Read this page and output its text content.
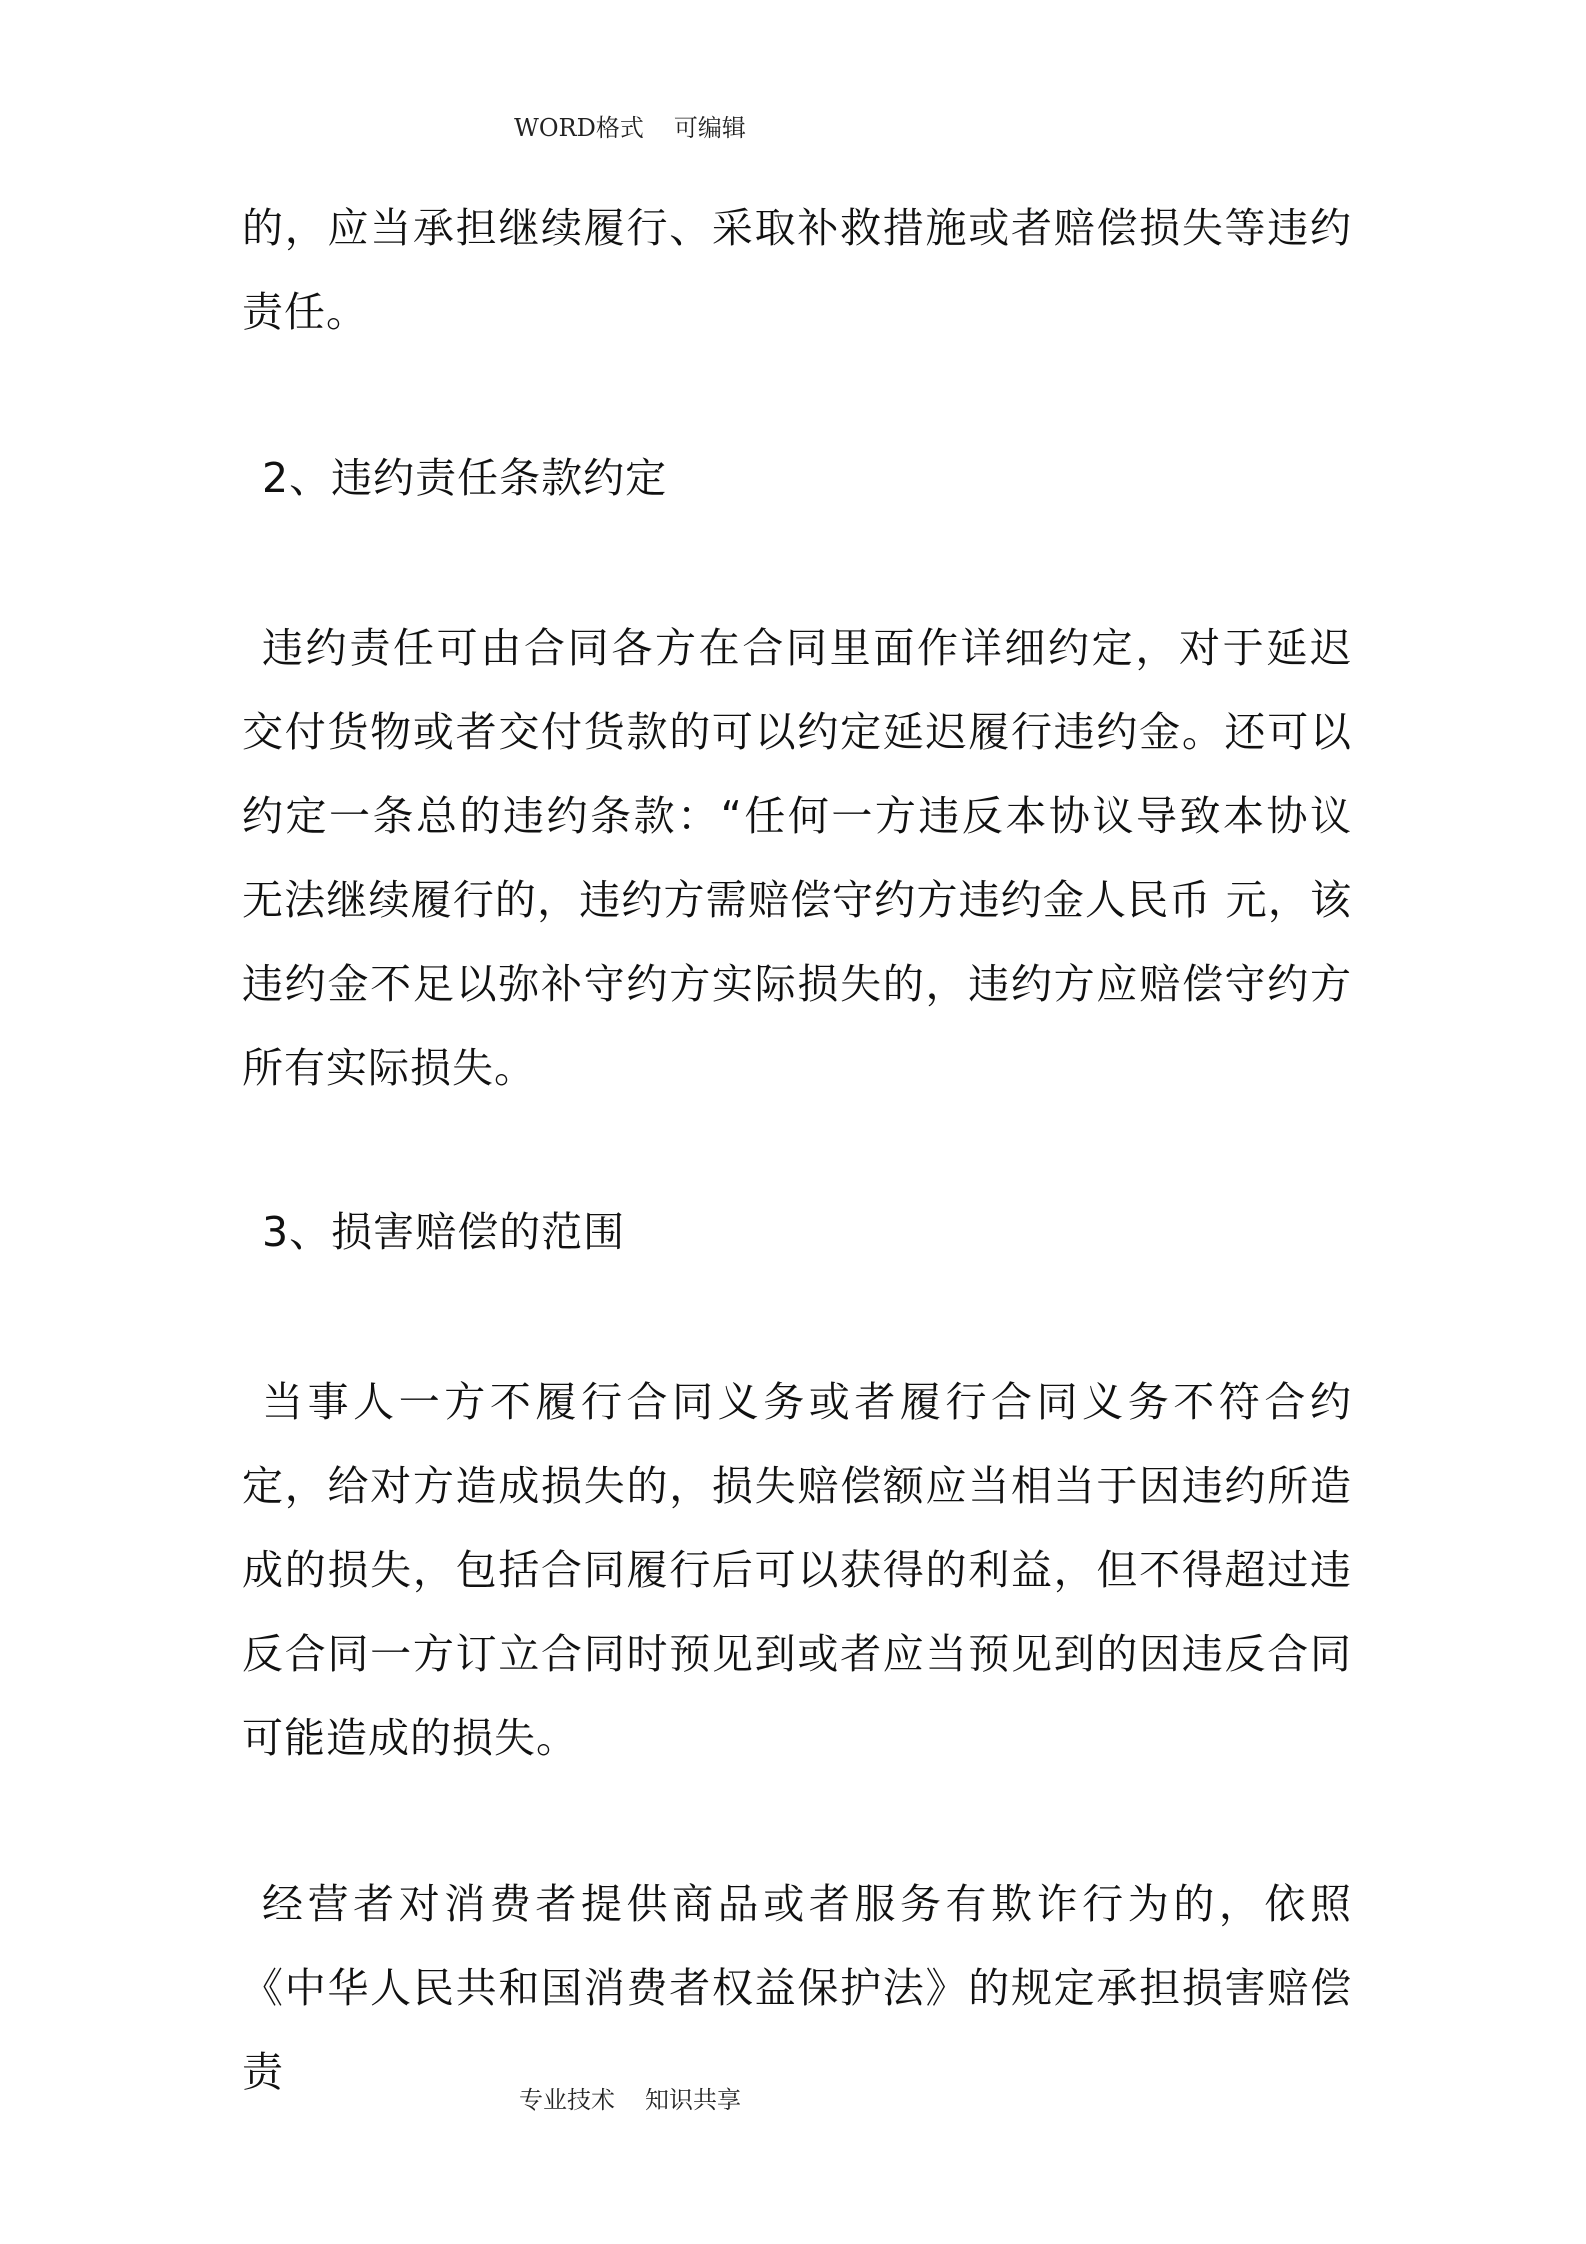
WORD格式 可编辑

的，应当承担继续履行、采取补救措施或者赔偿损失等违约责任。

2、违约责任条款约定

违约责任可由合同各方在合同里面作详细约定，对于延迟交付货物或者交付货款的可以约定延迟履行违约金。还可以约定一条总的违约条款：“任何一方违反本协议导致本协议无法继续履行的，违约方需赔偿守约方违约金人民币 元，该违约金不足以弥补守约方实际损失的，违约方应赔偿守约方所有实际损失。

3、损害赔偿的范围

当事人一方不履行合同义务或者履行合同义务不符合约定，给对方造成损失的，损失赔偿额应当相当于因违约所造成的损失，包括合同履行后可以获得的利益，但不得超过违反合同一方订立合同时预见到或者应当预见到的因违反合同可能造成的损失。

经营者对消费者提供商品或者服务有欺诈行为的，依照《中华人民共和国消费者权益保护法》的规定承担损害赔偿责

专业技术 知识共享
